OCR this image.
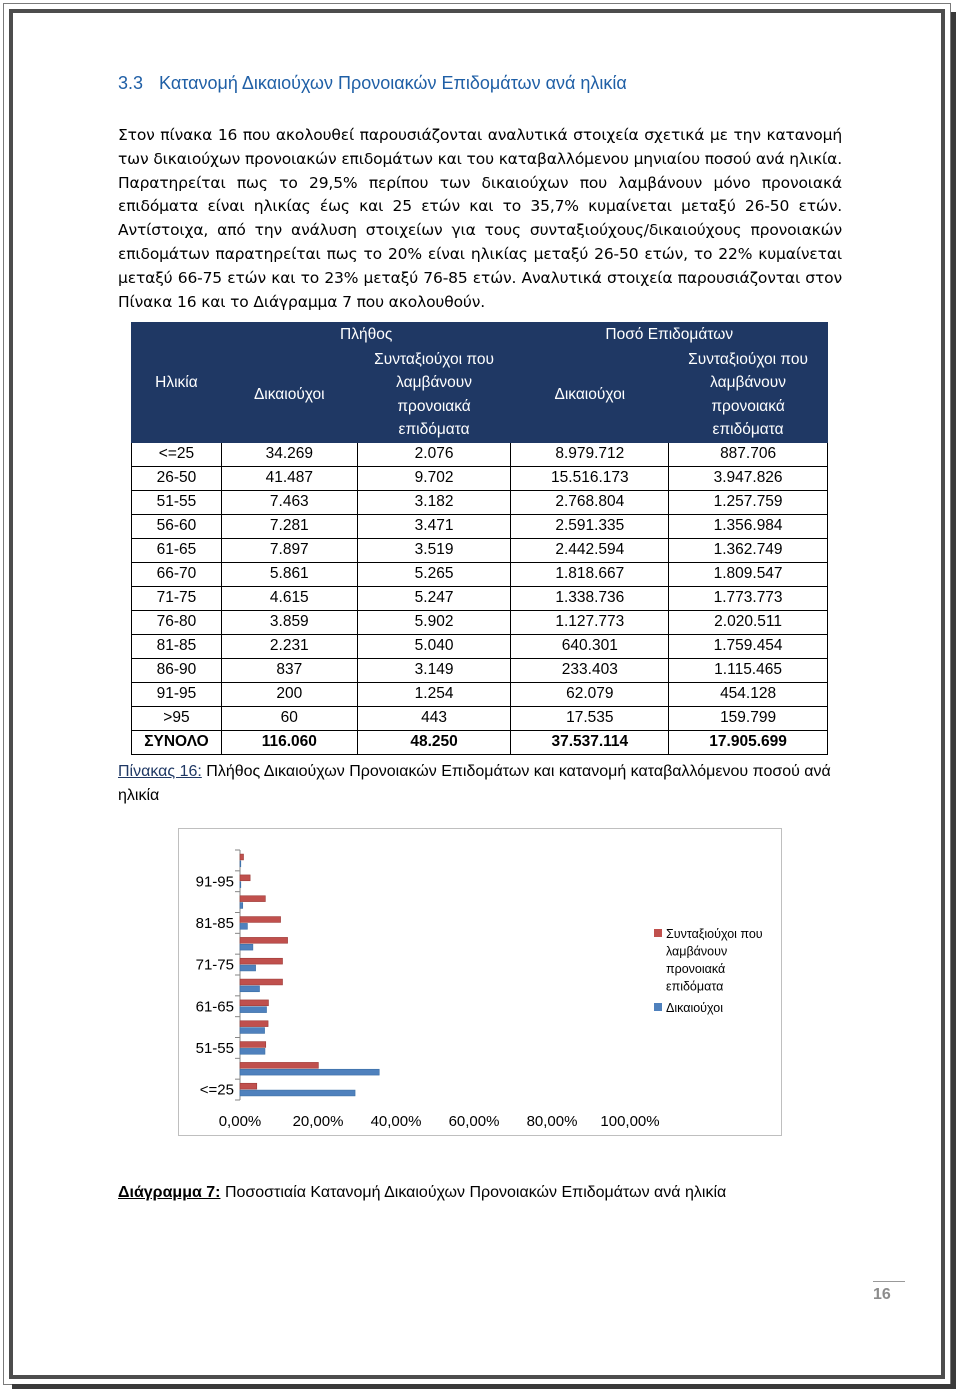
3.3 Κατανομή Δικαιούχων Προνοιακών Επιδομάτων ανά ηλικία

Στον πίνακα 16 που ακολουθεί παρουσιάζονται αναλυτικά στοιχεία σχετικά με την κατανομή των δικαιούχων προνοιακών επιδομάτων και του καταβαλλόμενου μηνιαίου ποσού ανά ηλικία. Παρατηρείται πως το 29,5% περίπου των δικαιούχων που λαμβάνουν μόνο προνοιακά επιδόματα είναι ηλικίας έως και 25 ετών και το 35,7% κυμαίνεται μεταξύ 26-50 ετών. Αντίστοιχα, από την ανάλυση στοιχείων για τους συνταξιούχους/δικαιούχους προνοιακών επιδομάτων παρατηρείται πως το 20% είναι ηλικίας μεταξύ 26-50 ετών, το 22% κυμαίνεται μεταξύ 66-75 ετών και το 23% μεταξύ 76-85 ετών. Αναλυτικά στοιχεία παρουσιάζονται στον Πίνακα 16 και το Διάγραμμα 7 που ακολουθούν.

Ηλικία	Πλήθος		Ποσό Επιδομάτων	
	Δικαιούχοι	Συνταξιούχοι που λαμβάνουν προνοιακά επιδόματα	Δικαιούχοι	Συνταξιούχοι που λαμβάνουν προνοιακά επιδόματα
<=25	34.269	2.076	8.979.712	887.706
26-50	41.487	9.702	15.516.173	3.947.826
51-55	7.463	3.182	2.768.804	1.257.759
56-60	7.281	3.471	2.591.335	1.356.984
61-65	7.897	3.519	2.442.594	1.362.749
66-70	5.861	5.265	1.818.667	1.809.547
71-75	4.615	5.247	1.338.736	1.773.773
76-80	3.859	5.902	1.127.773	2.020.511
81-85	2.231	5.040	640.301	1.759.454
86-90	837	3.149	233.403	1.115.465
91-95	200	1.254	62.079	454.128
>95	60	443	17.535	159.799
ΣΥΝΟΛΟ	116.060	48.250	37.537.114	17.905.699
Πίνακας 16: Πλήθος Δικαιούχων Προνοιακών Επιδομάτων και κατανομή καταβαλλόμενου ποσού ανά ηλικία
<=25
51-55
61-65
71-75
81-85
91-95
0,00% 20,00% 40,00% 60,00% 80,00% 100,00%
Συνταξιούχοι που
λαμβάνουν
προνοιακά
επιδόματα
Δικαιούχοι
Διάγραμμα 7: Ποσοστιαία Κατανομή Δικαιούχων Προνοιακών Επιδομάτων ανά ηλικία
16
